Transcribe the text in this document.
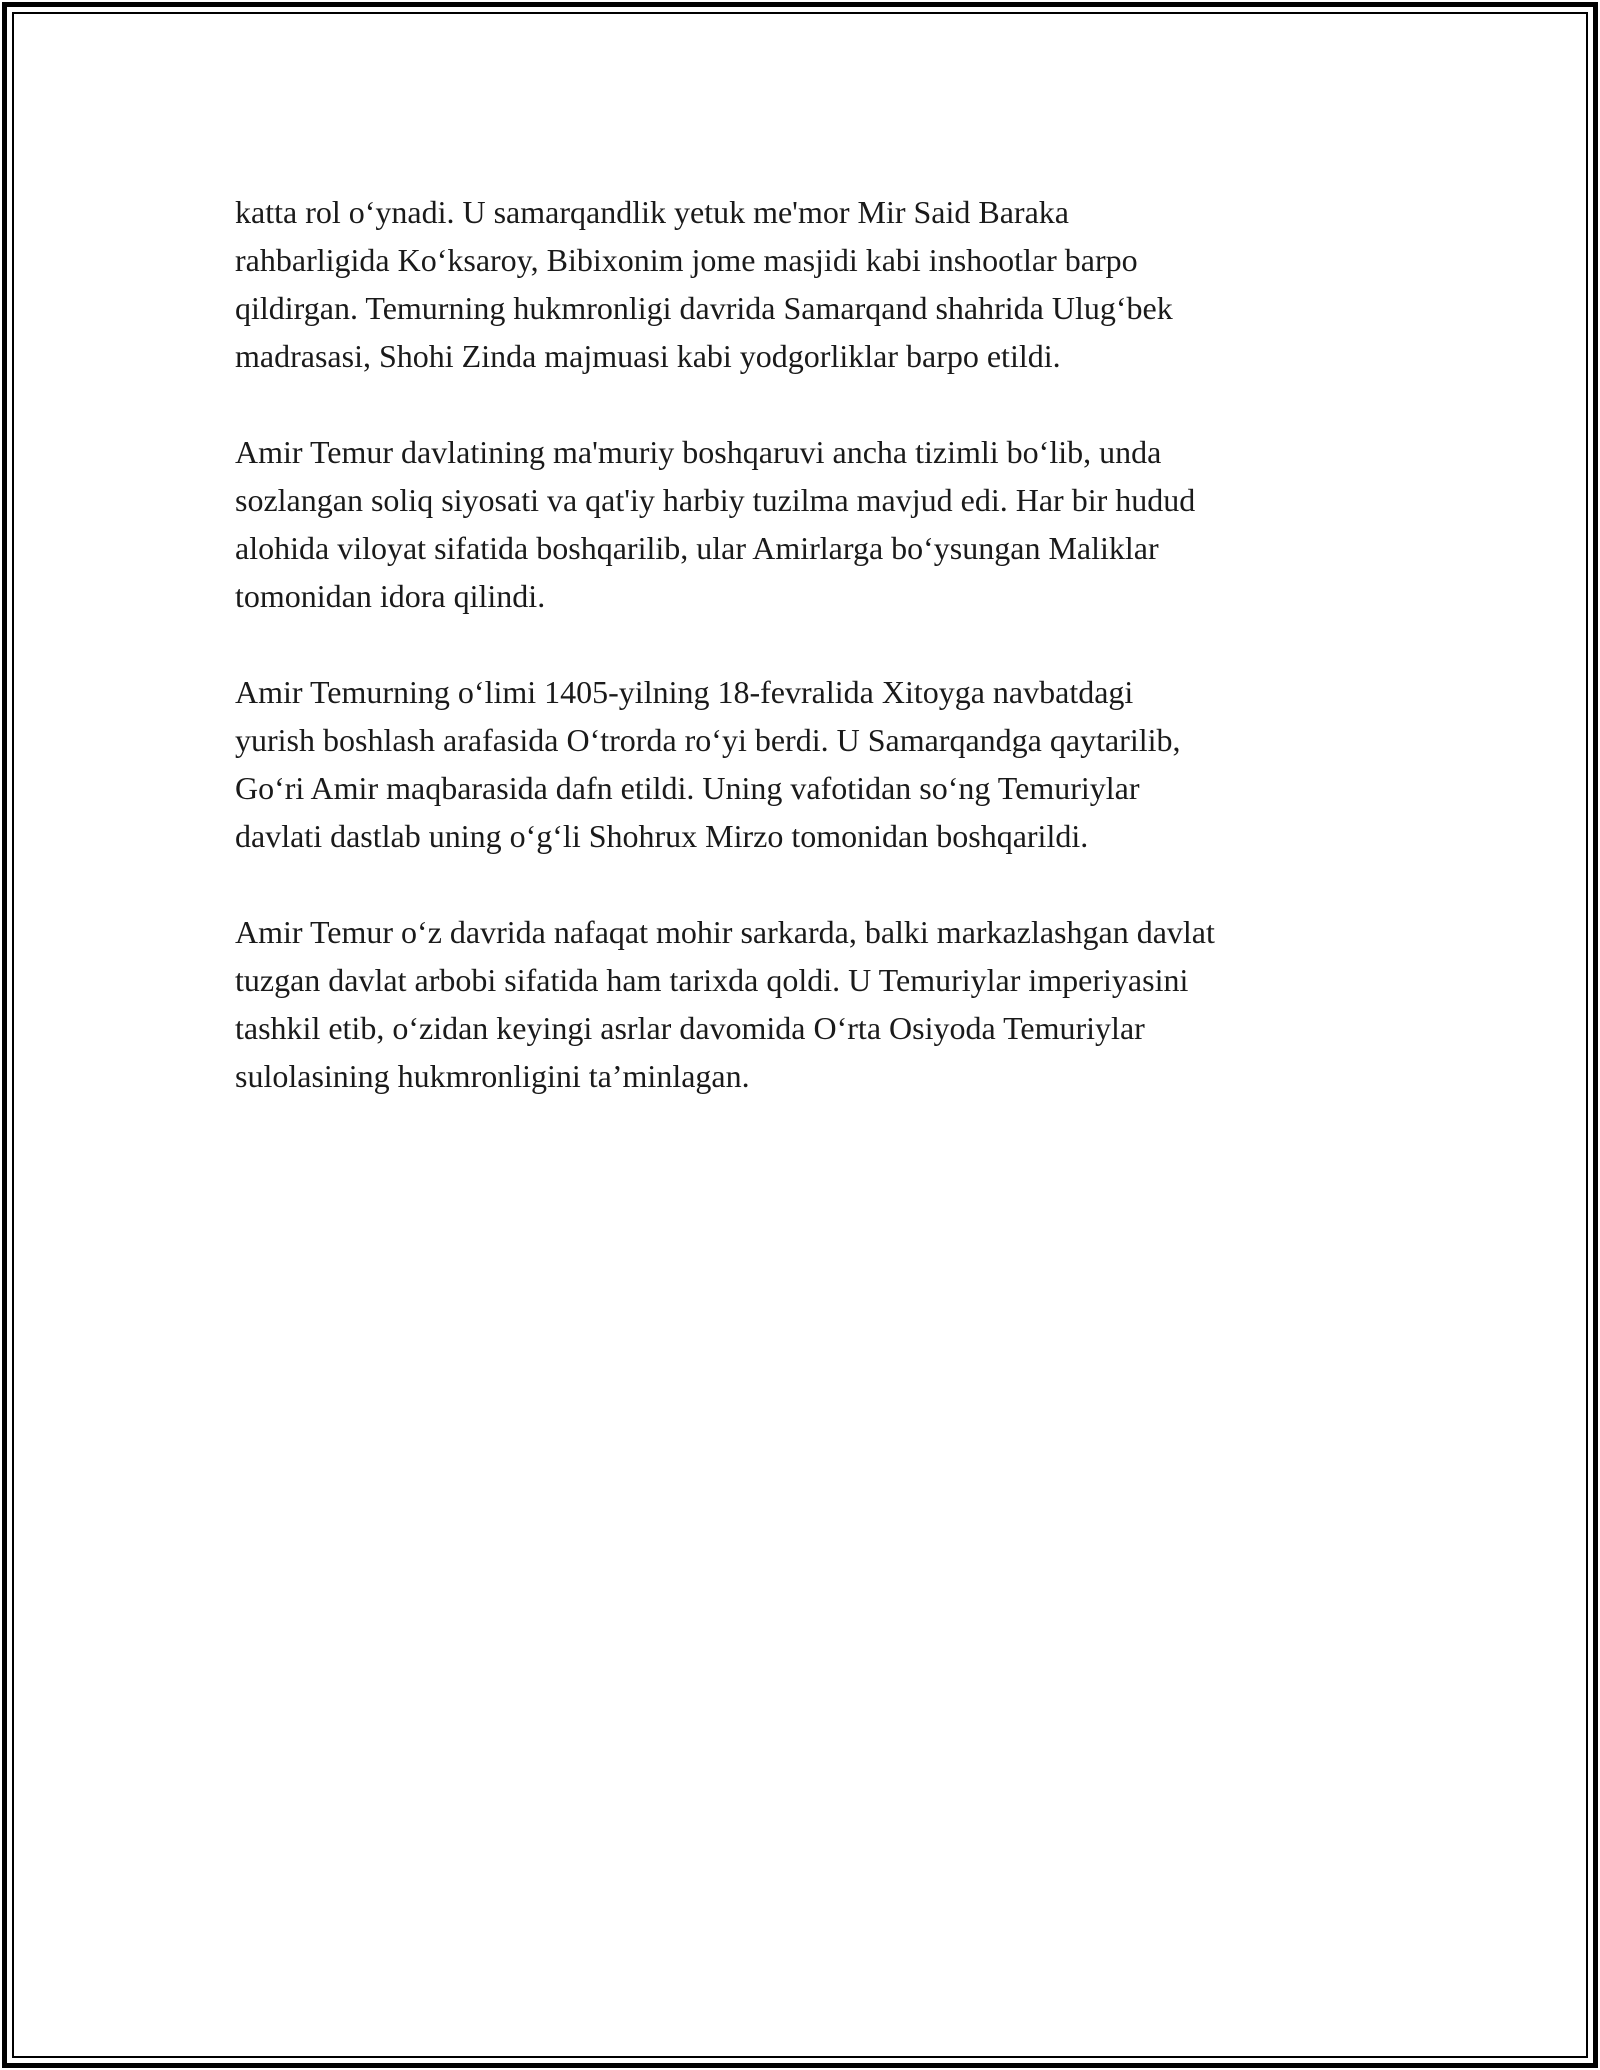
katta rol o‘ynadi. U samarqandlik yetuk me'mor Mir Said Baraka
rahbarligida Ko‘ksaroy, Bibixonim jome masjidi kabi inshootlar barpo
qildirgan. Temurning hukmronligi davrida Samarqand shahrida Ulug‘bek
madrasasi, Shohi Zinda majmuasi kabi yodgorliklar barpo etildi.

Amir Temur davlatining ma'muriy boshqaruvi ancha tizimli bo‘lib, unda
sozlangan soliq siyosati va qat'iy harbiy tuzilma mavjud edi. Har bir hudud
alohida viloyat sifatida boshqarilib, ular Amirlarga bo‘ysungan Maliklar
tomonidan idora qilindi.

Amir Temurning o‘limi 1405-yilning 18-fevralida Xitoyga navbatdagi
yurish boshlash arafasida O‘trorda ro‘yi berdi. U Samarqandga qaytarilib,
Go‘ri Amir maqbarasida dafn etildi. Uning vafotidan so‘ng Temuriylar
davlati dastlab uning o‘g‘li Shohrux Mirzo tomonidan boshqarildi.

Amir Temur o‘z davrida nafaqat mohir sarkarda, balki markazlashgan davlat
tuzgan davlat arbobi sifatida ham tarixda qoldi. U Temuriylar imperiyasini
tashkil etib, o‘zidan keyingi asrlar davomida O‘rta Osiyoda Temuriylar
sulolasining hukmronligini ta’minlagan.
